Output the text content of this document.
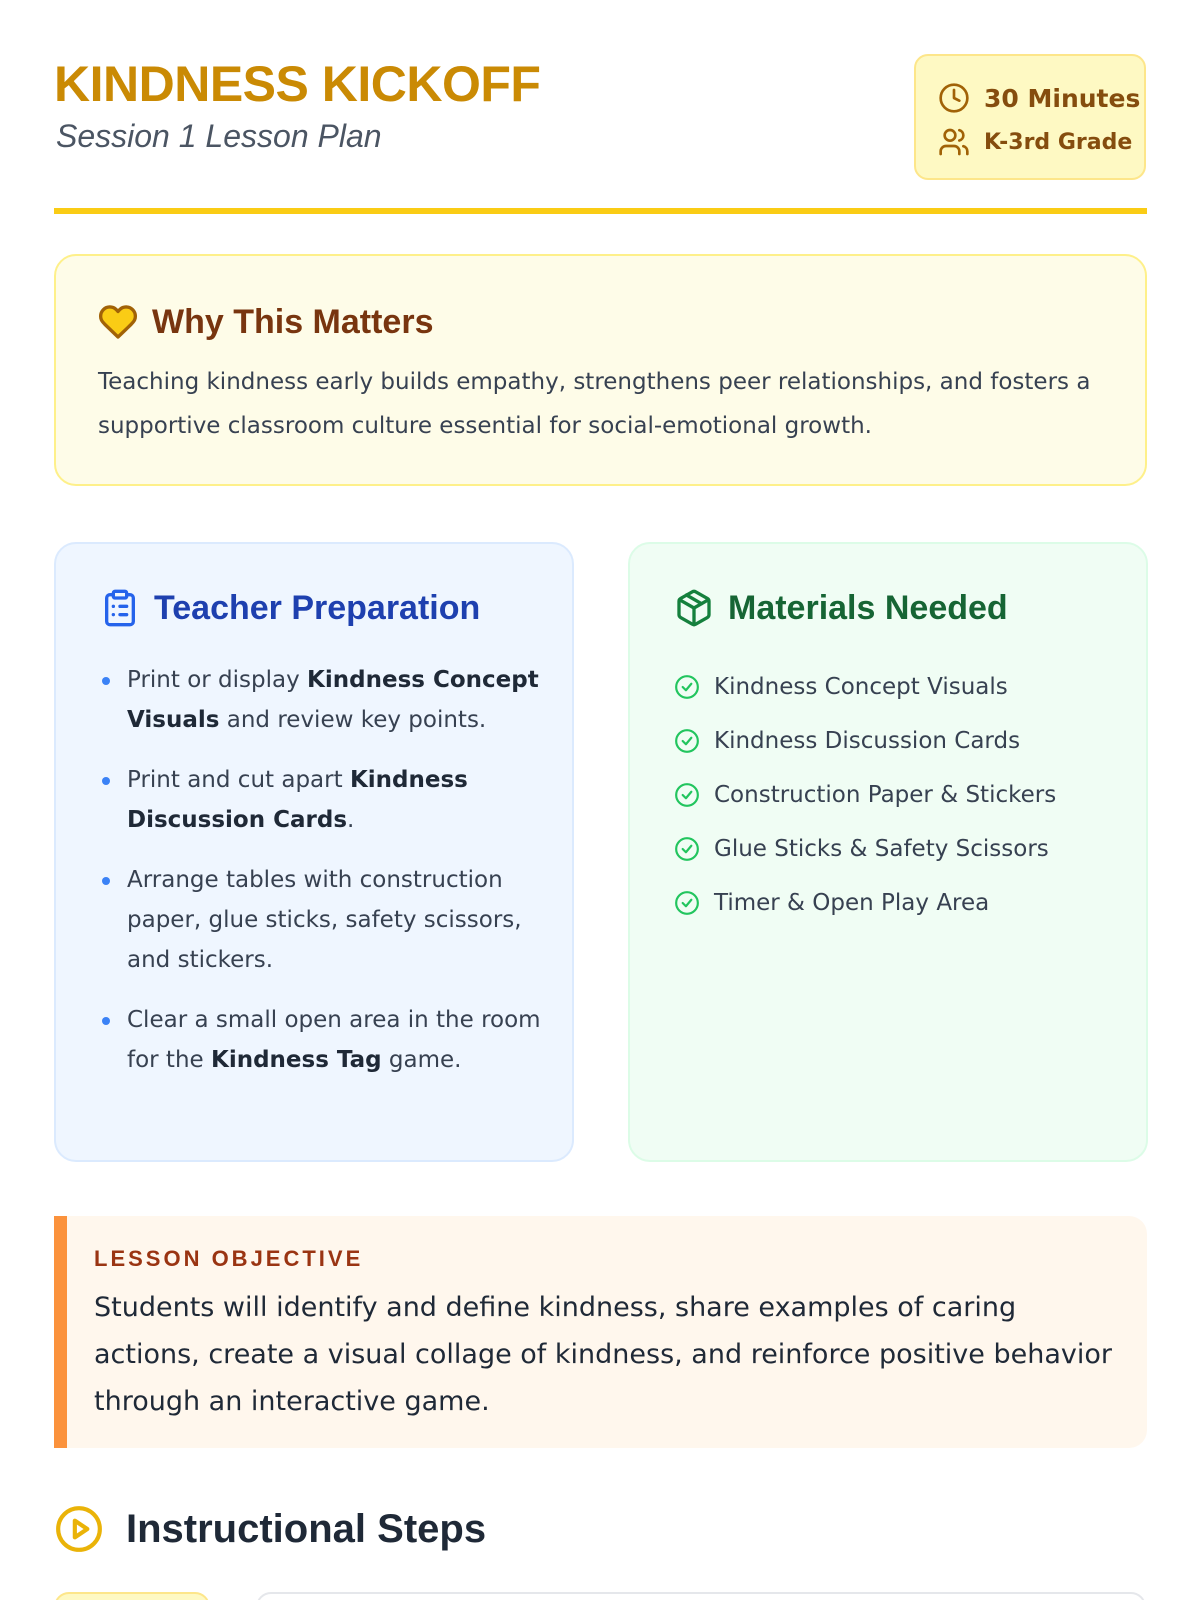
KINDNESS KICKOFF
Session 1 Lesson Plan
30 Minutes
K-3rd Grade
Why This Matters

Teaching kindness early builds empathy, strengthens peer relationships, and fosters a supportive classroom culture essential for social-emotional growth.

Teacher Preparation
Print or display Kindness Concept Visuals and review key points.
Print and cut apart Kindness Discussion Cards.
Arrange tables with construction paper, glue sticks, safety scissors, and stickers.
Clear a small open area in the room for the Kindness Tag game.
Materials Needed
Kindness Concept Visuals
Kindness Discussion Cards
Construction Paper & Stickers
Glue Sticks & Safety Scissors
Timer & Open Play Area
LESSON OBJECTIVE
Students will identify and define kindness, share examples of caring actions, create a visual collage of kindness, and reinforce positive behavior through an interactive game.
Instructional Steps
